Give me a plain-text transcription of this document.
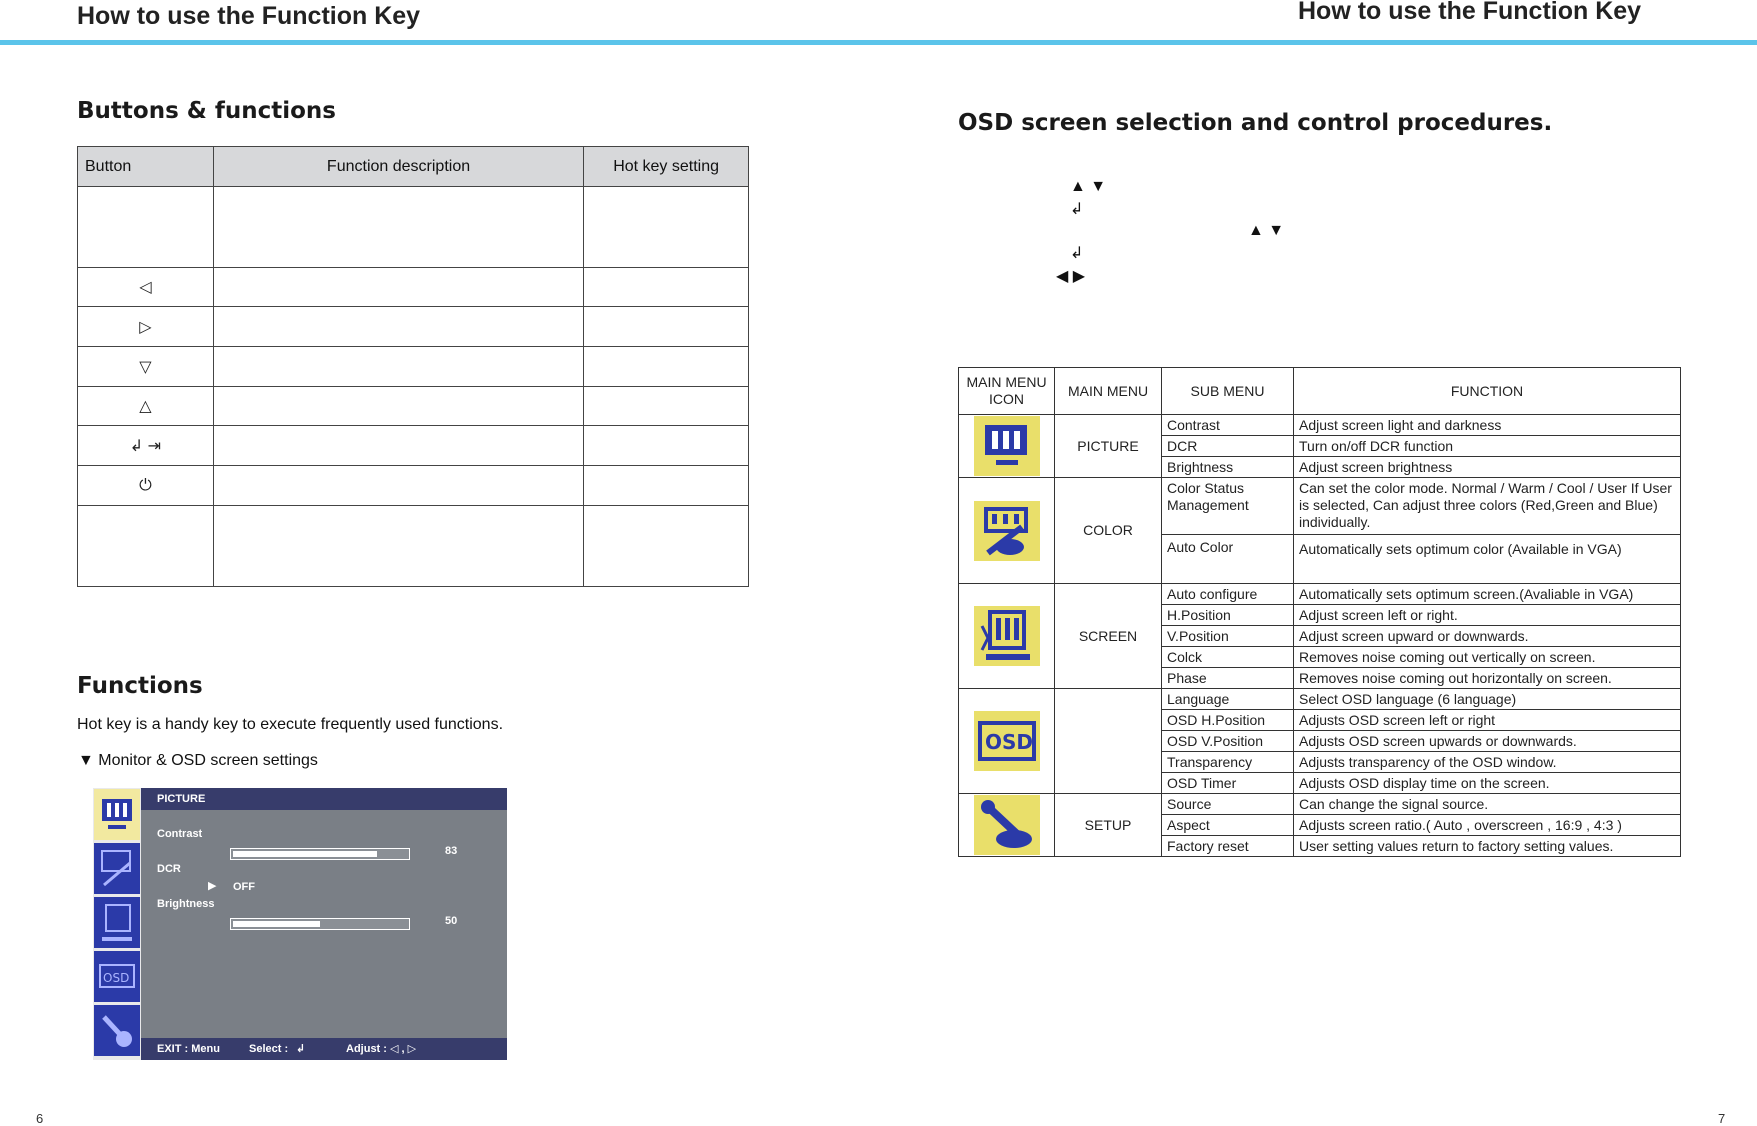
How to use the Function Key	How to use the Function Key
Buttons & functions
Button	Function description	Hot key setting

◁		
▷		
▽		
△		
↲ ⇥		
⏻		

Functions
Hot key is a handy key to execute frequently used functions.
▼ Monitor & OSD screen settings
OSD
PICTURE
Contrast
83
DCR
▶ OFF
Brightness
50
EXIT : Menu	Select : ↲	Adjust : ◁ , ▷
6
OSD screen selection and control procedures.
▲ ▼
↲
▲ ▼
↲
◀ ▶
MAIN MENU ICON	MAIN MENU	SUB MENU	FUNCTION

	PICTURE	Contrast	Adjust screen light and darkness
		DCR	Turn on/off DCR function
		Brightness	Adjust screen brightness

	COLOR	Color Status Management	Can set the color mode. Normal / Warm / Cool / User If User is selected, Can adjust three colors (Red,Green and Blue) individually.
		Auto Color	Automatically sets optimum color (Available in VGA)

	SCREEN	Auto configure	Automatically sets optimum screen.(Avaliable in VGA)
		H.Position	Adjust screen left or right.
		V.Position	Adjust screen upward or downwards.
		Colck	Removes noise coming out vertically on screen.
		Phase	Removes noise coming out horizontally on screen.

OSD		Language	Select OSD language (6 language)
		OSD H.Position	Adjusts OSD screen left or right
		OSD V.Position	Adjusts OSD screen upwards or downwards.
		Transparency	Adjusts transparency of the OSD window.
		OSD Timer	Adjusts OSD display time on the screen.

	SETUP	Source	Can change the signal source.
		Aspect	Adjusts screen ratio.( Auto , overscreen , 16:9 , 4:3 )
		Factory reset	User setting values return to factory setting values.
7
